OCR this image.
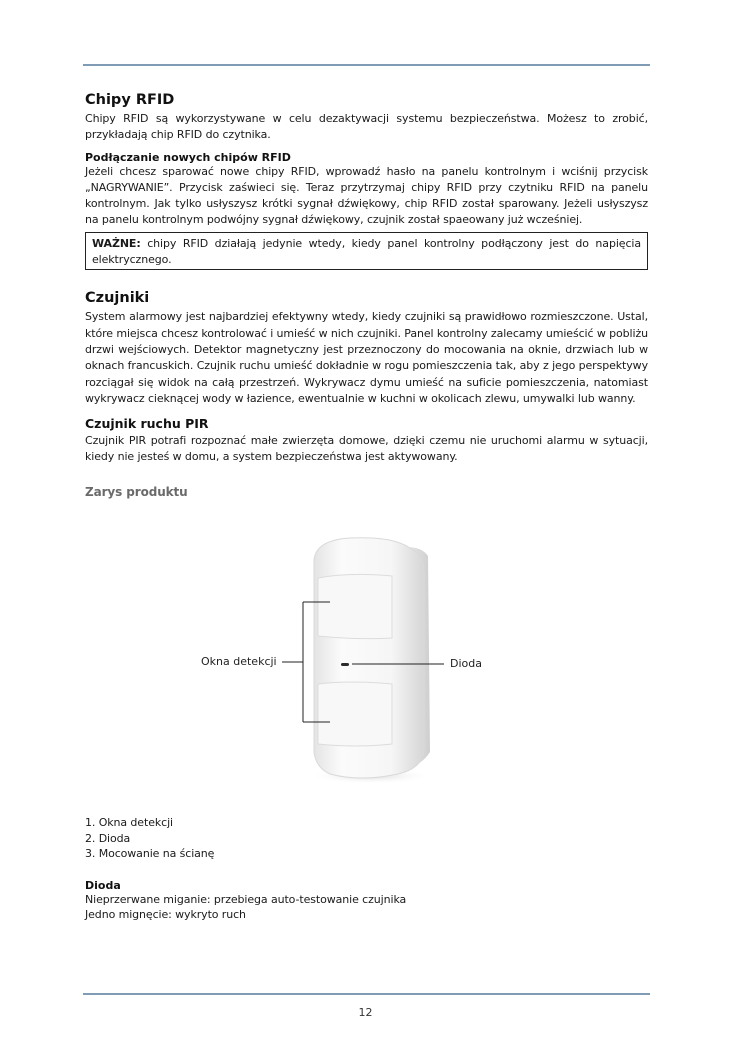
Chipy RFID

Chipy RFID są wykorzystywane w celu dezaktywacji systemu bezpieczeństwa. Możesz to zrobić, przykładają chip RFID do czytnika.

Podłączanie nowych chipów RFID

Jeżeli chcesz sparować nowe chipy RFID, wprowadź hasło na panelu kontrolnym i wciśnij przycisk „NAGRYWANIE”. Przycisk zaświeci się. Teraz przytrzymaj chipy RFID przy czytniku RFID na panelu kontrolnym. Jak tylko usłyszysz krótki sygnał dźwiękowy, chip RFID został sparowany. Jeżeli usłyszysz na panelu kontrolnym podwójny sygnał dźwiękowy, czujnik został spaeowany już wcześniej.

WAŻNE: chipy RFID działają jedynie wtedy, kiedy panel kontrolny podłączony jest do napięcia elektrycznego.

Czujniki

System alarmowy jest najbardziej efektywny wtedy, kiedy czujniki są prawidłowo rozmieszczone. Ustal, które miejsca chcesz kontrolować i umieść w nich czujniki. Panel kontrolny zalecamy umieścić w pobliżu drzwi wejściowych. Detektor magnetyczny jest przeznoczony do mocowania na oknie, drzwiach lub w oknach francuskich. Czujnik ruchu umieść dokładnie w rogu pomieszczenia tak, aby z jego perspektywy rozciągał się widok na całą przestrzeń. Wykrywacz dymu umieść na suficie pomieszczenia, natomiast wykrywacz cieknącej wody w łazience, ewentualnie w kuchni w okolicach zlewu, umywalki lub wanny.

Czujnik ruchu PIR

Czujnik PIR potrafi rozpoznać małe zwierzęta domowe, dzięki czemu nie uruchomi alarmu w sytuacji, kiedy nie jesteś w domu, a system bezpieczeństwa jest aktywowany.

Zarys produktu

Okna detekcji	Dioda

1. Okna detekcji

2. Dioda

3. Mocowanie na ścianę

Dioda

Nieprzerwane miganie: przebiega auto-testowanie czujnika

Jedno mignęcie: wykryto ruch

12
